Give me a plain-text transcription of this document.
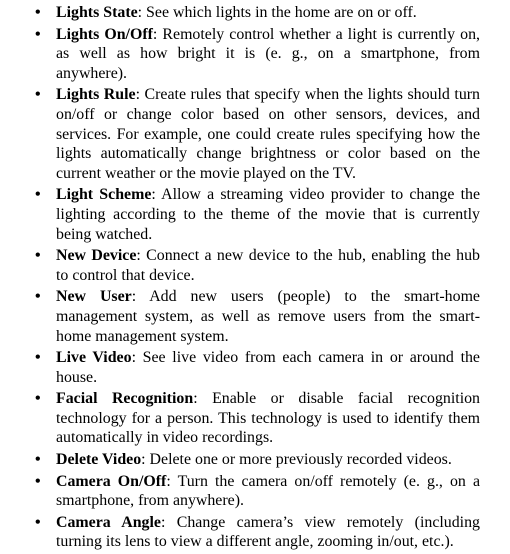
• Lights State: See which lights in the home are on or off.
• Lights On/Off: Remotely control whether a light is currently on, as well as how bright it is (e. g., on a smartphone, from anywhere).
• Lights Rule: Create rules that specify when the lights should turn on/off or change color based on other sensors, devices, and services. For example, one could create rules specifying how the lights automatically change brightness or color based on the current weather or the movie played on the TV.
• Light Scheme: Allow a streaming video provider to change the lighting according to the theme of the movie that is currently being watched.
• New Device: Connect a new device to the hub, enabling the hub to control that device.
• New User: Add new users (people) to the smart-home management system, as well as remove users from the smart-home management system.
• Live Video: See live video from each camera in or around the house.
• Facial Recognition: Enable or disable facial recognition technology for a person. This technology is used to identify them automatically in video recordings.
• Delete Video: Delete one or more previously recorded videos.
• Camera On/Off: Turn the camera on/off remotely (e. g., on a smartphone, from anywhere).
• Camera Angle: Change camera’s view remotely (including turning its lens to view a different angle, zooming in/out, etc.).
